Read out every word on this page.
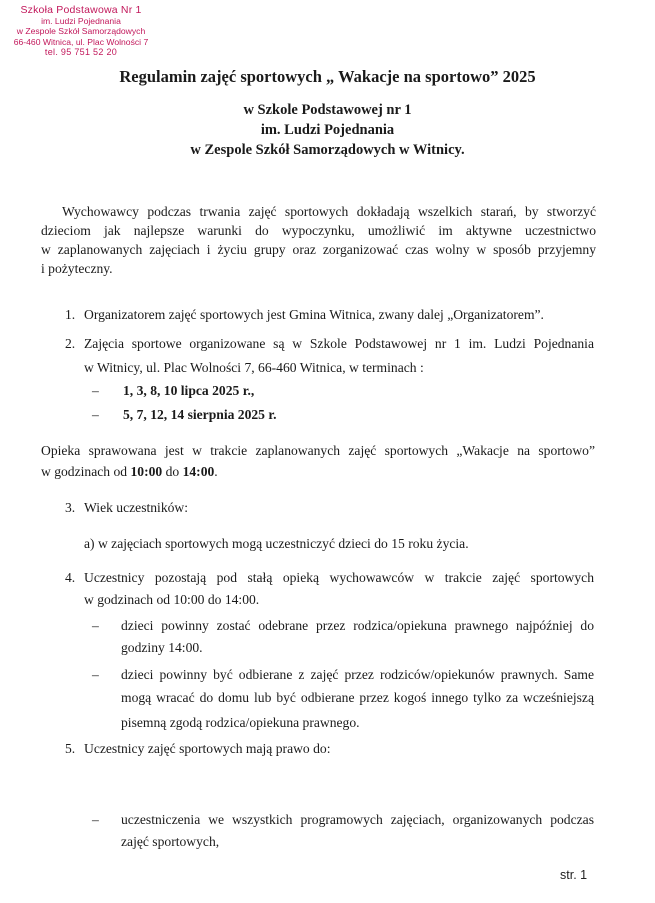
Szkoła Podstawowa Nr 1
im. Ludzi Pojednania
w Zespole Szkół Samorządowych
66-460 Witnica, ul. Plac Wolności 7
tel. 95 751 52 20
Regulamin zajęć sportowych „ Wakacje na sportowo” 2025
w Szkole Podstawowej nr 1
im. Ludzi Pojednania
w Zespole Szkół Samorządowych w Witnicy.
Wychowawcy podczas trwania zajęć sportowych dokładają wszelkich starań, by stworzyć
dzieciom jak najlepsze warunki do wypoczynku, umożliwić im aktywne uczestnictwo
w zaplanowanych zajęciach i życiu grupy oraz zorganizować czas wolny w sposób przyjemny
i pożyteczny.
1. Organizatorem zajęć sportowych jest Gmina Witnica, zwany dalej „Organizatorem”.
2. Zajęcia sportowe organizowane są w Szkole Podstawowej nr 1 im. Ludzi Pojednania
w Witnicy, ul. Plac Wolności 7, 66-460 Witnica, w terminach :
– 1, 3, 8, 10 lipca 2025 r.,
– 5, 7, 12, 14 sierpnia 2025 r.
Opieka sprawowana jest w trakcie zaplanowanych zajęć sportowych „Wakacje na sportowo”
w godzinach od 10:00 do 14:00.
3. Wiek uczestników:
a) w zajęciach sportowych mogą uczestniczyć dzieci do 15 roku życia.
4. Uczestnicy pozostają pod stałą opieką wychowawców w trakcie zajęć sportowych
w godzinach od 10:00 do 14:00.
– dzieci powinny zostać odebrane przez rodzica/opiekuna prawnego najpóźniej do
godziny 14:00.
– dzieci powinny być odbierane z zajęć przez rodziców/opiekunów prawnych. Same
mogą wracać do domu lub być odbierane przez kogoś innego tylko za wcześniejszą
pisemną zgodą rodzica/opiekuna prawnego.
5. Uczestnicy zajęć sportowych mają prawo do:
– uczestniczenia we wszystkich programowych zajęciach, organizowanych podczas
zajęć sportowych,
str. 1
